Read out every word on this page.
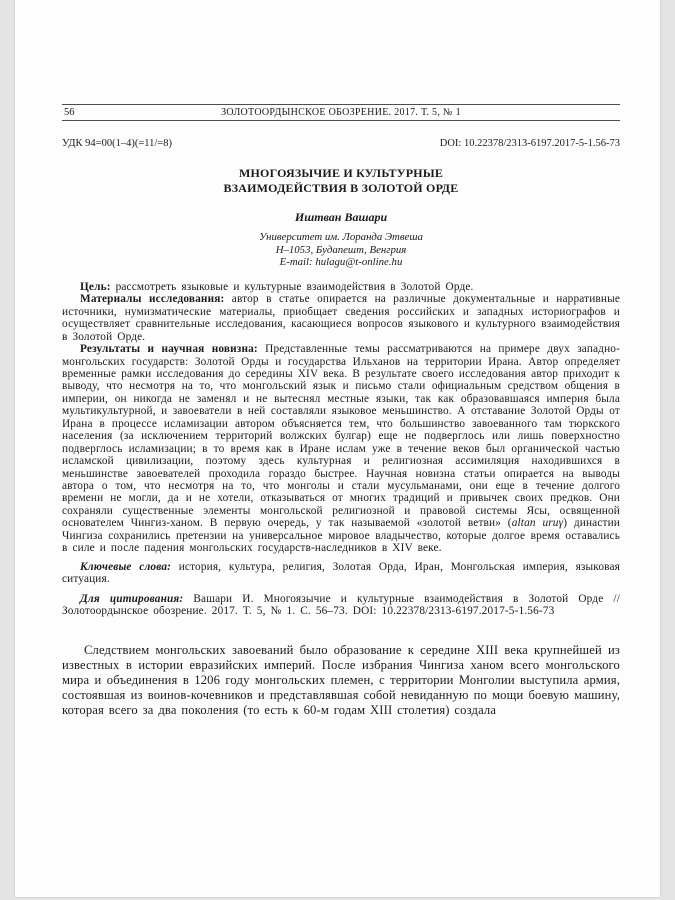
56	ЗОЛОТООРДЫНСКОЕ ОБОЗРЕНИЕ. 2017. Т. 5, № 1
УДК 94=00(1–4)(=11/=8)	DOI: 10.22378/2313-6197.2017-5-1.56-73
МНОГОЯЗЫЧИЕ И КУЛЬТУРНЫЕ
ВЗАИМОДЕЙСТВИЯ В ЗОЛОТОЙ ОРДЕ
Иштван Вашари
Университет им. Лоранда Этвеша
H–1053, Будапешт, Венгрия
E-mail: hulagu@t-online.hu

Цель: рассмотреть языковые и культурные взаимодействия в Золотой Орде.

Материалы исследования: автор в статье опирается на различные документальные и нарративные источники, нумизматические материалы, приобщает сведения российских и западных историографов и осуществляет сравнительные исследования, касающиеся вопросов языкового и культурного взаимодействия в Золотой Орде.

Результаты и научная новизна: Представленные темы рассматриваются на примере двух западно-монгольских государств: Золотой Орды и государства Ильханов на территории Ирана. Автор определяет временные рамки исследования до середины XIV века. В результате своего исследования автор приходит к выводу, что несмотря на то, что монгольский язык и письмо стали официальным средством общения в империи, он никогда не заменял и не вытеснял местные языки, так как образовавшаяся империя была мультикультурной, и завоеватели в ней составляли языковое меньшинство. А отставание Золотой Орды от Ирана в процессе исламизации автором объясняется тем, что большинство завоеванного там тюркского населения (за исключением территорий волжских булгар) еще не подверглось или лишь поверхностно подверглось исламизации; в то время как в Иране ислам уже в течение веков был органической частью исламской цивилизации, поэтому здесь культурная и религиозная ассимиляция находившихся в меньшинстве завоевателей проходила гораздо быстрее. Научная новизна статьи опирается на выводы автора о том, что несмотря на то, что монголы и стали мусульманами, они еще в течение долгого времени не могли, да и не хотели, отказываться от многих традиций и привычек своих предков. Они сохраняли существенные элементы монгольской религиозной и правовой системы Ясы, освященной основателем Чингиз-ханом. В первую очередь, у так называемой «золотой ветви» (altan uruγ) династии Чингиза сохранились претензии на универсальное мировое владычество, которые долгое время оставались в силе и после падения монгольских государств-наследников в XIV веке.

Ключевые слова: история, культура, религия, Золотая Орда, Иран, Монгольская империя, языковая ситуация.

Для цитирования: Вашари И. Многоязычие и культурные взаимодействия в Золотой Орде // Золотоордынское обозрение. 2017. Т. 5, № 1. С. 56–73. DOI: 10.22378/2313-6197.2017-5-1.56-73

Следствием монгольских завоеваний было образование к середине XIII века крупнейшей из известных в истории евразийских империй. После избрания Чингиза ханом всего монгольского мира и объединения в 1206 году монгольских племен, с территории Монголии выступила армия, состоявшая из воинов-кочевников и представлявшая собой невиданную по мощи боевую машину, которая всего за два поколения (то есть к 60-м годам XIII столетия) создала
